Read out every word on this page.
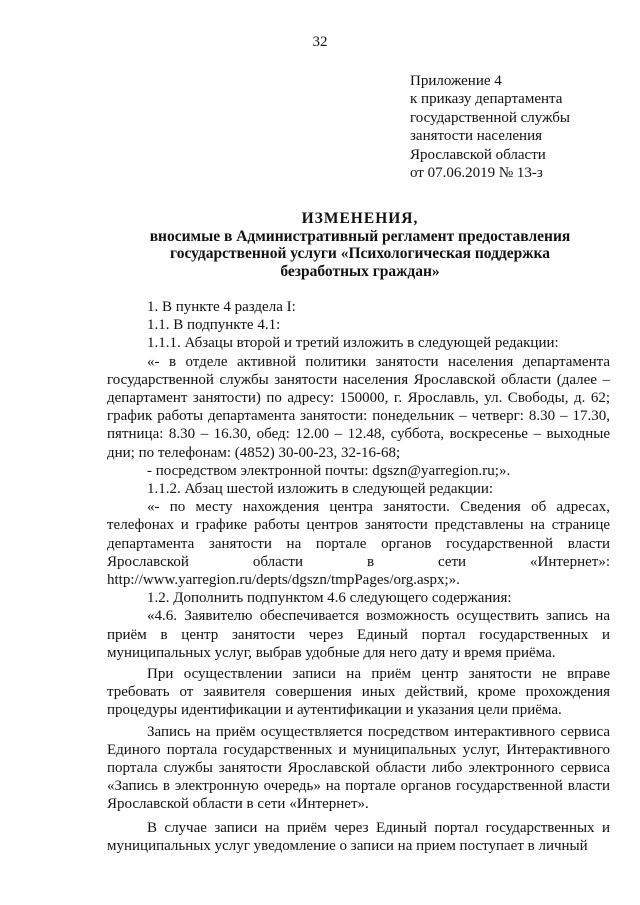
32
Приложение 4
к приказу департамента
государственной службы
занятости населения
Ярославской области
от 07.06.2019 № 13-з
ИЗМЕНЕНИЯ,
вносимые в Административный регламент предоставления
государственной услуги «Психологическая поддержка
безработных граждан»

1. В пункте 4 раздела I:

1.1. В подпункте 4.1:

1.1.1. Абзацы второй и третий изложить в следующей редакции:

«- в отделе активной политики занятости населения департамента государственной службы занятости населения Ярославской области (далее – департамент занятости) по адресу: 150000, г. Ярославль, ул. Свободы, д. 62; график работы департамента занятости: понедельник – четверг: 8.30 – 17.30, пятница: 8.30 – 16.30, обед: 12.00 – 12.48, суббота, воскресенье – выходные дни; по телефонам: (4852) 30-00-23, 32-16-68;

- посредством электронной почты: dgszn@yarregion.ru;».

1.1.2. Абзац шестой изложить в следующей редакции:

«- по месту нахождения центра занятости. Сведения об адресах, телефонах и графике работы центров занятости представлены на странице департамента занятости на портале органов государственной власти Ярославской области в сети «Интернет»:

http://www.yarregion.ru/depts/dgszn/tmpPages/org.aspx;».

1.2. Дополнить подпунктом 4.6 следующего содержания:

«4.6. Заявителю обеспечивается возможность осуществить запись на приём в центр занятости через Единый портал государственных и муниципальных услуг, выбрав удобные для него дату и время приёма.

При осуществлении записи на приём центр занятости не вправе требовать от заявителя совершения иных действий, кроме прохождения процедуры идентификации и аутентификации и указания цели приёма.

Запись на приём осуществляется посредством интерактивного сервиса Единого портала государственных и муниципальных услуг, Интерактивного портала службы занятости Ярославской области либо электронного сервиса «Запись в электронную очередь» на портале органов государственной власти Ярославской области в сети «Интернет».

В случае записи на приём через Единый портал государственных и муниципальных услуг уведомление о записи на прием поступает в личный
